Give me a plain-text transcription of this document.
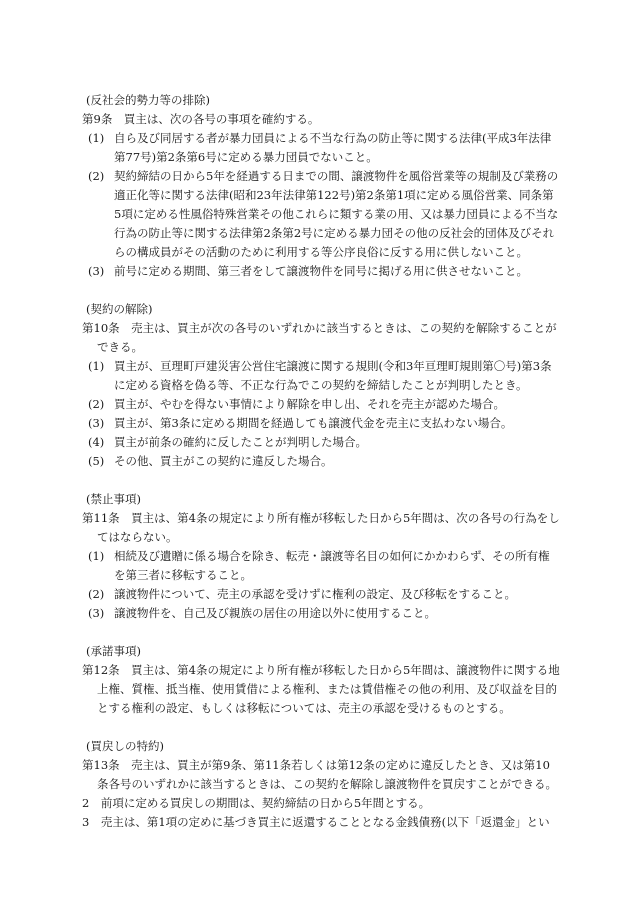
(反社会的勢力等の排除)
第9条　買主は、次の各号の事項を確約する。
(1) 自ら及び同居する者が暴力団員による不当な行為の防止等に関する法律(平成3年法律第77号)第2条第6号に定める暴力団員でないこと。
(2) 契約締結の日から5年を経過する日までの間、譲渡物件を風俗営業等の規制及び業務の適正化等に関する法律(昭和23年法律第122号)第2条第1項に定める風俗営業、同条第5項に定める性風俗特殊営業その他これらに類する業の用、又は暴力団員による不当な行為の防止等に関する法律第2条第2号に定める暴力団その他の反社会的団体及びそれらの構成員がその活動のために利用する等公序良俗に反する用に供しないこと。
(3) 前号に定める期間、第三者をして譲渡物件を同号に掲げる用に供させないこと。
(契約の解除)
第10条　売主は、買主が次の各号のいずれかに該当するときは、この契約を解除することができる。
(1) 買主が、亘理町戸建災害公営住宅譲渡に関する規則(令和3年亘理町規則第〇号)第3条に定める資格を偽る等、不正な行為でこの契約を締結したことが判明したとき。
(2) 買主が、やむを得ない事情により解除を申し出、それを売主が認めた場合。
(3) 買主が、第3条に定める期間を経過しても譲渡代金を売主に支払わない場合。
(4) 買主が前条の確約に反したことが判明した場合。
(5) その他、買主がこの契約に違反した場合。
(禁止事項)
第11条　買主は、第4条の規定により所有権が移転した日から5年間は、次の各号の行為をしてはならない。
(1) 相続及び遺贈に係る場合を除き、転売・譲渡等名目の如何にかかわらず、その所有権を第三者に移転すること。
(2) 譲渡物件について、売主の承認を受けずに権利の設定、及び移転をすること。
(3) 譲渡物件を、自己及び親族の居住の用途以外に使用すること。
(承諾事項)
第12条　買主は、第4条の規定により所有権が移転した日から5年間は、譲渡物件に関する地上権、質権、抵当権、使用賃借による権利、または賃借権その他の利用、及び収益を目的とする権利の設定、もしくは移転については、売主の承認を受けるものとする。
(買戻しの特約)
第13条　売主は、買主が第9条、第11条若しくは第12条の定めに違反したとき、又は第10条各号のいずれかに該当するときは、この契約を解除し譲渡物件を買戻すことができる。
2　前項に定める買戻しの期間は、契約締結の日から5年間とする。
3　売主は、第1項の定めに基づき買主に返還することとなる金銭債務(以下「返還金」とい
